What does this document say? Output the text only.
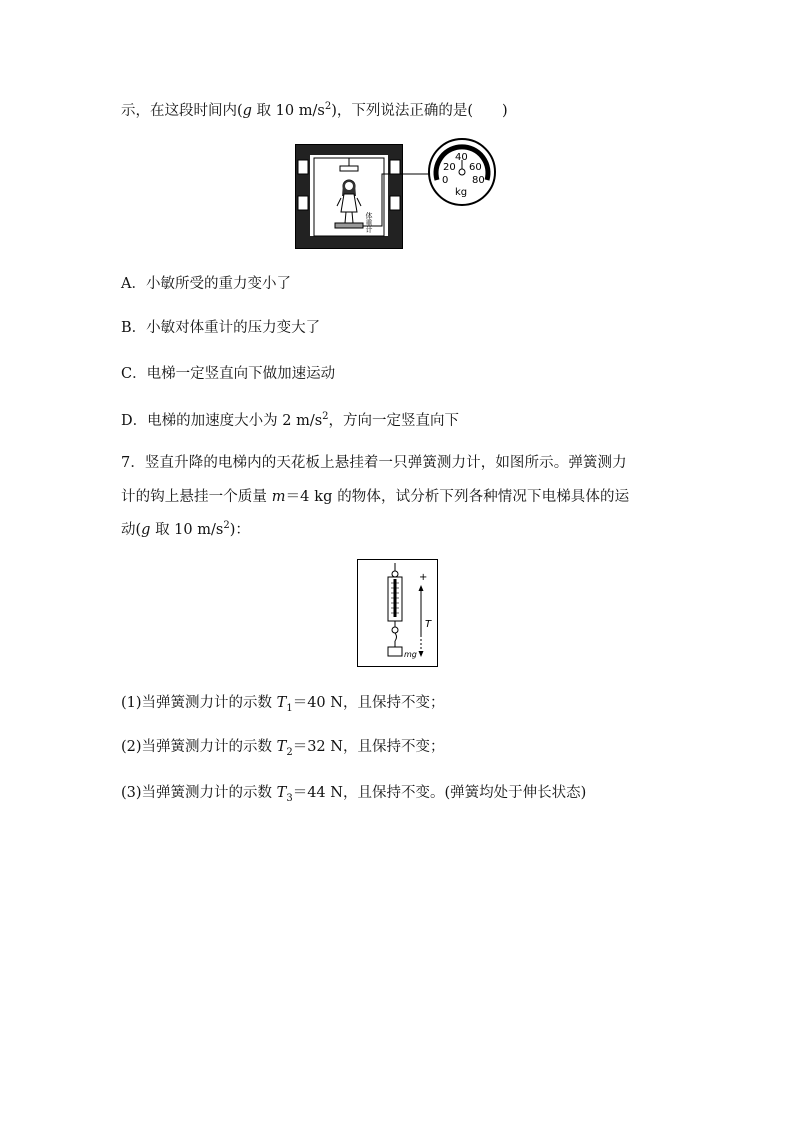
示，在这段时间内(g 取 10 $m/s^2$)，下列说法正确的是(　　)
体重计
0
20
40
60
80
kg
A．小敏所受的重力变小了
B．小敏对体重计的压力变大了
C．电梯一定竖直向下做加速运动
D．电梯的加速度大小为 2 $m/s^2$，方向一定竖直向下
7．竖直升降的电梯内的天花板上悬挂着一只弹簧测力计，如图所示。弹簧测力
计的钩上悬挂一个质量 m＝4 kg 的物体，试分析下列各种情况下电梯具体的运
动(g 取 10 $m/s^2$)：
+
T
mg
(1)当弹簧测力计的示数 $T_1=40$ N，且保持不变；
(2)当弹簧测力计的示数 $T_2=32$ N，且保持不变；
(3)当弹簧测力计的示数 $T_3=44$ N，且保持不变。(弹簧均处于伸长状态)
